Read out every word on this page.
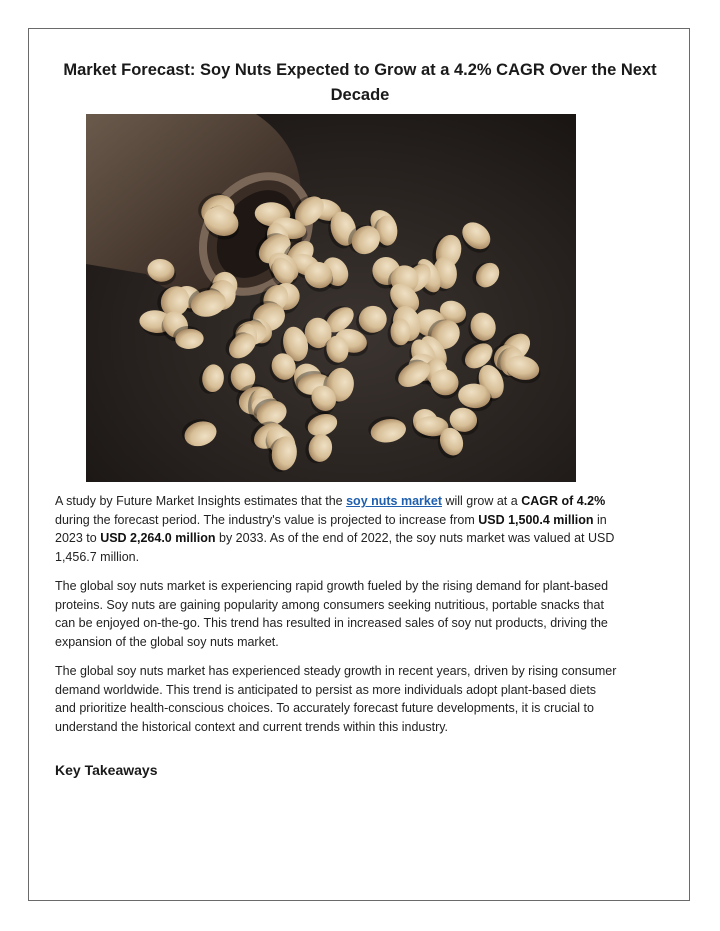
Market Forecast: Soy Nuts Expected to Grow at a 4.2% CAGR Over the Next Decade

A study by Future Market Insights estimates that the soy nuts market will grow at a CAGR of 4.2% during the forecast period. The industry's value is projected to increase from USD 1,500.4 million in 2023 to USD 2,264.0 million by 2033. As of the end of 2022, the soy nuts market was valued at USD 1,456.7 million.

The global soy nuts market is experiencing rapid growth fueled by the rising demand for plant-based proteins. Soy nuts are gaining popularity among consumers seeking nutritious, portable snacks that can be enjoyed on-the-go. This trend has resulted in increased sales of soy nut products, driving the expansion of the global soy nuts market.

The global soy nuts market has experienced steady growth in recent years, driven by rising consumer demand worldwide. This trend is anticipated to persist as more individuals adopt plant-based diets and prioritize health-conscious choices. To accurately forecast future developments, it is crucial to understand the historical context and current trends within this industry.

Key Takeaways
